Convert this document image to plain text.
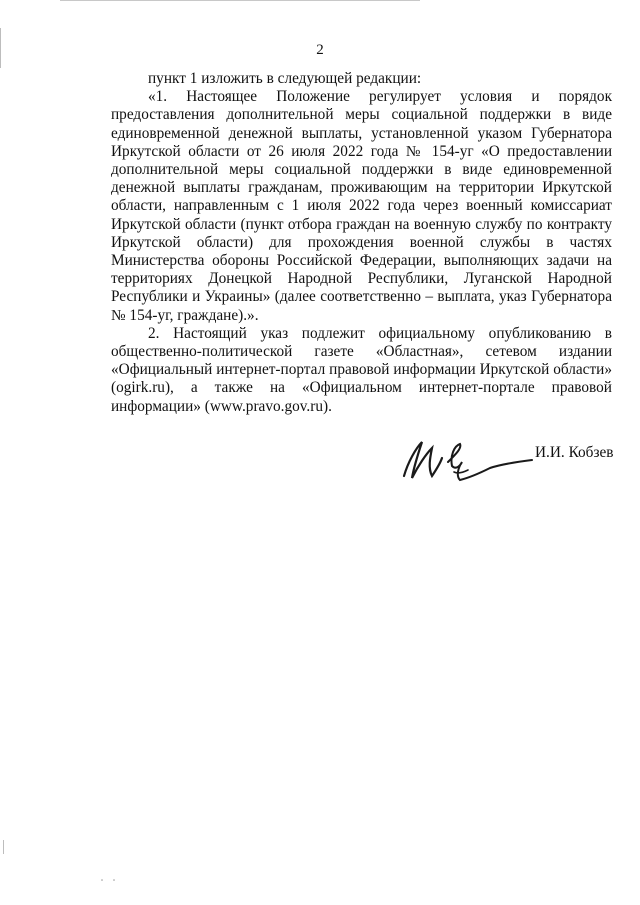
2

пункт 1 изложить в следующей редакции:

«1. Настоящее Положение регулирует условия и порядок предоставления дополнительной меры социальной поддержки в виде единовременной денежной выплаты, установленной указом Губернатора Иркутской области от 26 июля 2022 года № 154-уг «О предоставлении дополнительной меры социальной поддержки в виде единовременной денежной выплаты гражданам, проживающим на территории Иркутской области, направленным с 1 июля 2022 года через военный комиссариат Иркутской области (пункт отбора граждан на военную службу по контракту Иркутской области) для прохождения военной службы в частях Министерства обороны Российской Федерации, выполняющих задачи на территориях Донецкой Народной Республики, Луганской Народной Республики и Украины» (далее соответственно – выплата, указ Губернатора № 154-уг, граждане).».

2. Настоящий указ подлежит официальному опубликованию в общественно-политической газете «Областная», сетевом издании «Официальный интернет-портал правовой информации Иркутской области» (ogirk.ru), а также на «Официальном интернет-портале правовой информации» (www.pravo.gov.ru).

И.И. Кобзев
